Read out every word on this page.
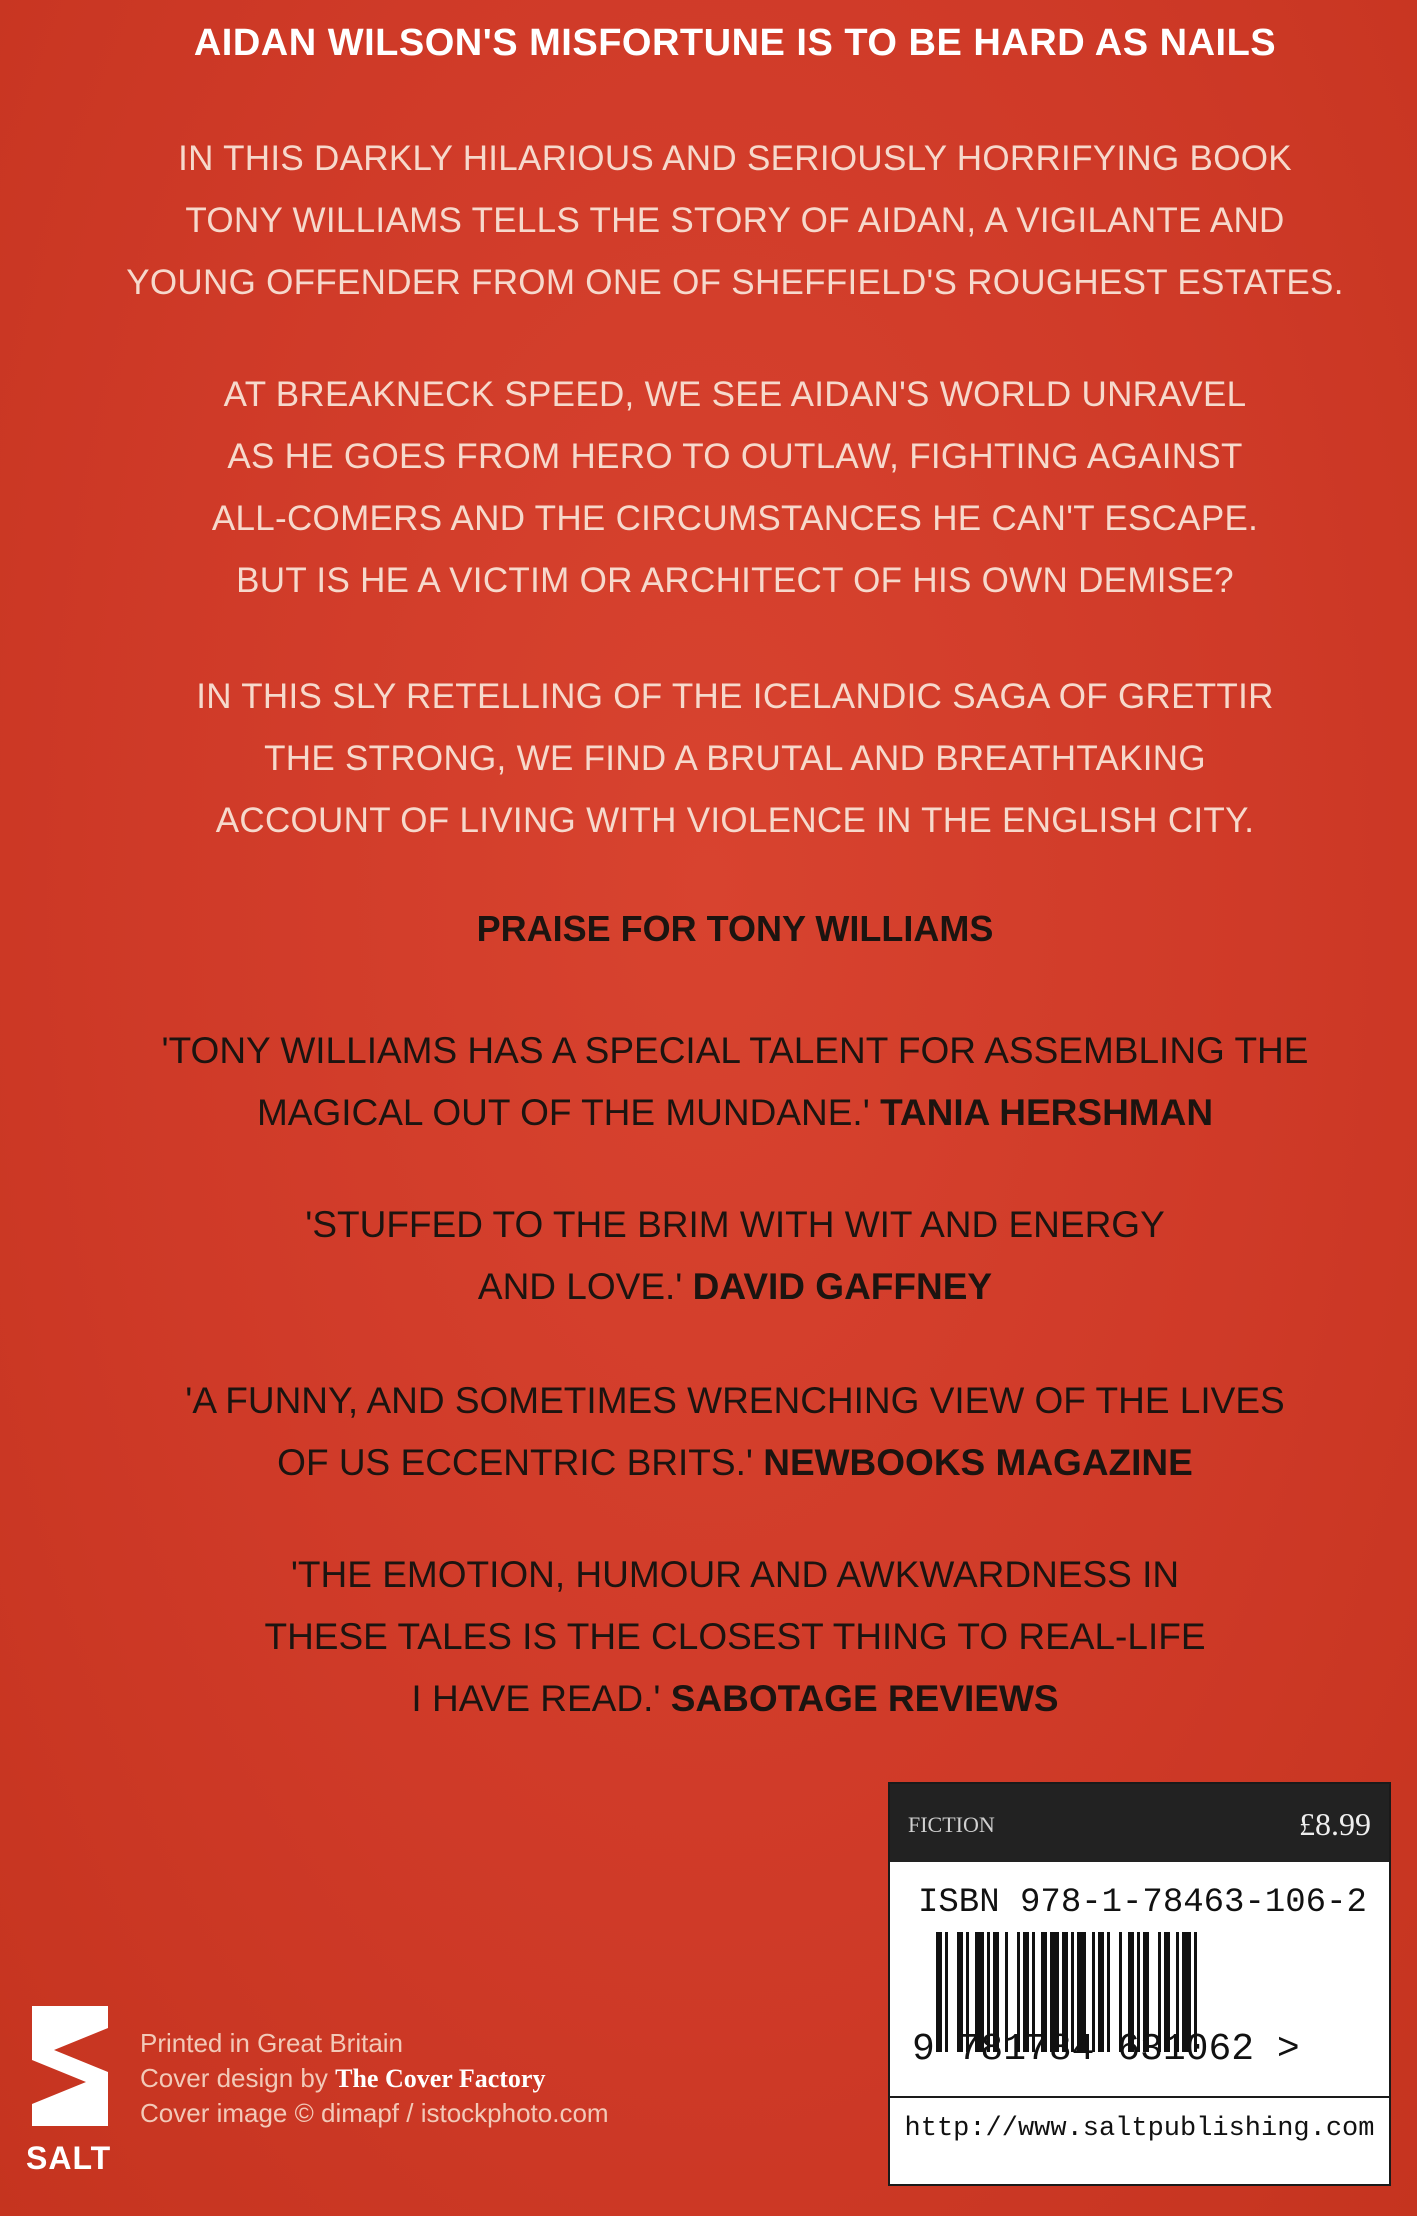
AIDAN WILSON'S MISFORTUNE IS TO BE HARD AS NAILS
IN THIS DARKLY HILARIOUS AND SERIOUSLY HORRIFYING BOOK
TONY WILLIAMS TELLS THE STORY OF AIDAN, A VIGILANTE AND
YOUNG OFFENDER FROM ONE OF SHEFFIELD'S ROUGHEST ESTATES.
AT BREAKNECK SPEED, WE SEE AIDAN'S WORLD UNRAVEL
AS HE GOES FROM HERO TO OUTLAW, FIGHTING AGAINST
ALL-COMERS AND THE CIRCUMSTANCES HE CAN'T ESCAPE.
BUT IS HE A VICTIM OR ARCHITECT OF HIS OWN DEMISE?
IN THIS SLY RETELLING OF THE ICELANDIC SAGA OF GRETTIR
THE STRONG, WE FIND A BRUTAL AND BREATHTAKING
ACCOUNT OF LIVING WITH VIOLENCE IN THE ENGLISH CITY.
PRAISE FOR TONY WILLIAMS
'TONY WILLIAMS HAS A SPECIAL TALENT FOR ASSEMBLING THE
MAGICAL OUT OF THE MUNDANE.' TANIA HERSHMAN
'STUFFED TO THE BRIM WITH WIT AND ENERGY
AND LOVE.' DAVID GAFFNEY
'A FUNNY, AND SOMETIMES WRENCHING VIEW OF THE LIVES
OF US ECCENTRIC BRITS.' NEWBOOKS MAGAZINE
'THE EMOTION, HUMOUR AND AWKWARDNESS IN
THESE TALES IS THE CLOSEST THING TO REAL-LIFE
I HAVE READ.' SABOTAGE REVIEWS
FICTION	£8.99
ISBN 978-1-78463-106-2
9 781784 631062 >
http://www.saltpublishing.com
SALT
Printed in Great Britain
Cover design by The Cover Factory
Cover image © dimapf / istockphoto.com
